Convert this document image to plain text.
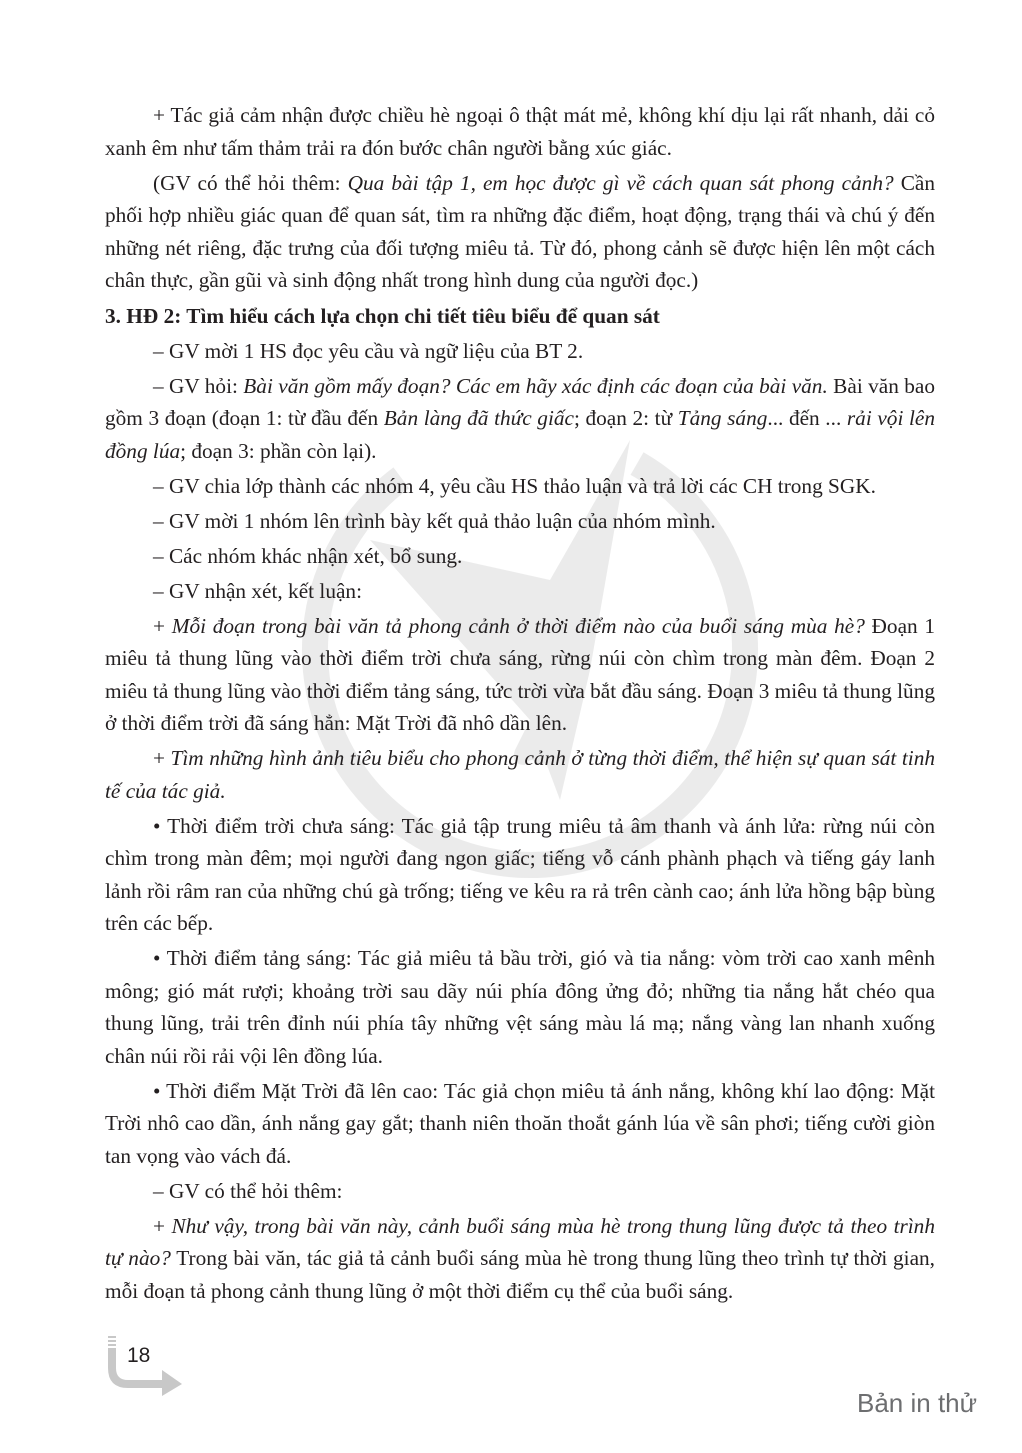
+ Tác giả cảm nhận được chiều hè ngoại ô thật mát mẻ, không khí dịu lại rất nhanh, dải cỏ xanh êm như tấm thảm trải ra đón bước chân người bằng xúc giác.

(GV có thể hỏi thêm: Qua bài tập 1, em học được gì về cách quan sát phong cảnh? Cần phối hợp nhiều giác quan để quan sát, tìm ra những đặc điểm, hoạt động, trạng thái và chú ý đến những nét riêng, đặc trưng của đối tượng miêu tả. Từ đó, phong cảnh sẽ được hiện lên một cách chân thực, gần gũi và sinh động nhất trong hình dung của người đọc.)

3. HĐ 2: Tìm hiểu cách lựa chọn chi tiết tiêu biểu để quan sát

– GV mời 1 HS đọc yêu cầu và ngữ liệu của BT 2.

– GV hỏi: Bài văn gồm mấy đoạn? Các em hãy xác định các đoạn của bài văn. Bài văn bao gồm 3 đoạn (đoạn 1: từ đầu đến Bản làng đã thức giấc; đoạn 2: từ Tảng sáng... đến ... rải vội lên đồng lúa; đoạn 3: phần còn lại).

– GV chia lớp thành các nhóm 4, yêu cầu HS thảo luận và trả lời các CH trong SGK.

– GV mời 1 nhóm lên trình bày kết quả thảo luận của nhóm mình.

– Các nhóm khác nhận xét, bổ sung.

– GV nhận xét, kết luận:

+ Mỗi đoạn trong bài văn tả phong cảnh ở thời điểm nào của buổi sáng mùa hè? Đoạn 1 miêu tả thung lũng vào thời điểm trời chưa sáng, rừng núi còn chìm trong màn đêm. Đoạn 2 miêu tả thung lũng vào thời điểm tảng sáng, tức trời vừa bắt đầu sáng. Đoạn 3 miêu tả thung lũng ở thời điểm trời đã sáng hẳn: Mặt Trời đã nhô dần lên.

+ Tìm những hình ảnh tiêu biểu cho phong cảnh ở từng thời điểm, thể hiện sự quan sát tinh tế của tác giả.

• Thời điểm trời chưa sáng: Tác giả tập trung miêu tả âm thanh và ánh lửa: rừng núi còn chìm trong màn đêm; mọi người đang ngon giấc; tiếng vỗ cánh phành phạch và tiếng gáy lanh lảnh rồi râm ran của những chú gà trống; tiếng ve kêu ra rả trên cành cao; ánh lửa hồng bập bùng trên các bếp.

• Thời điểm tảng sáng: Tác giả miêu tả bầu trời, gió và tia nắng: vòm trời cao xanh mênh mông; gió mát rượi; khoảng trời sau dãy núi phía đông ửng đỏ; những tia nắng hắt chéo qua thung lũng, trải trên đỉnh núi phía tây những vệt sáng màu lá mạ; nắng vàng lan nhanh xuống chân núi rồi rải vội lên đồng lúa.

• Thời điểm Mặt Trời đã lên cao: Tác giả chọn miêu tả ánh nắng, không khí lao động: Mặt Trời nhô cao dần, ánh nắng gay gắt; thanh niên thoăn thoắt gánh lúa về sân phơi; tiếng cười giòn tan vọng vào vách đá.

– GV có thể hỏi thêm:

+ Như vậy, trong bài văn này, cảnh buổi sáng mùa hè trong thung lũng được tả theo trình tự nào? Trong bài văn, tác giả tả cảnh buổi sáng mùa hè trong thung lũng theo trình tự thời gian, mỗi đoạn tả phong cảnh thung lũng ở một thời điểm cụ thể của buổi sáng.

18
Bản in thử
